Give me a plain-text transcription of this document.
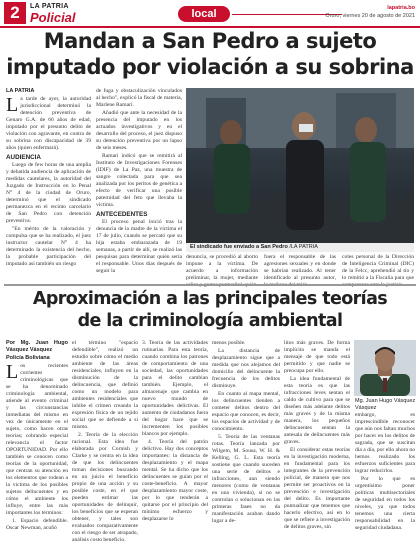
2	LA PATRIA
Policial	local	lapatria.bo
Oruro, viernes 20 de agosto de 2021
Mandan a San Pedro a sujeto
imputado por violación a su sobrina

LA PATRIA

La tarde de ayer, la autoridad jurisdiccional determinó la detención preventiva de Genaro G.A. de 66 años de edad, imputado por el presunto delito de violación con agravante, en contra de su sobrina con discapacidad de 39 años (quien enfermará).

AUDIENCIA

Luego de few horas de una amplia y debatida audiencia de aplicación de medidas cautelares, la autoridad del Juzgado de Instrucción en lo Penal N° 4 de la ciudad de Oruro, determinó que el sindicado permanezca en el recinto carcelario de San Pedro con detención preventiva.

"En mérito de la valoración y compulsa que se ha realizado, el juez instructor cautelar N° 4 ha determinado la existencia del hecho, la probable participación del imputado así también un riesgo

de fuga y obstaculización vinculados al hecho", explicó la fiscal de materia, Marlene Ramari.

Añadió que ante la necesidad de la presencia del imputado en los actuados investigativos y en el desarrollo del proceso, el juez dispuso su detención preventiva por un lapso de seis meses.

Ramari indicó que se remitirá al Instituto de Investigaciones Forenses (IDIF) de La Paz, una muestra de sangre colectada para que sea analizada por los peritos de genética a efecto de verificar una posible paternidad del feto que llevaba la víctima.

ANTECEDENTES

El proceso penal inició tras la denuncia de la madre de la víctima el 17 de julio, cuando se percató que su hija estaba embarazada de 19 semanas, a partir de allí, se realizó las pesquisas para determinar quién sería el responsable. Unos días después de seguir la

El sindicado fue enviado a San Pedro /LA PATRIA

denuncia, se procedió al aborto impune a la víctima. De acuerdo a información preliminar, la mujer, mediante

fuera el responsable de las agresiones sexuales y en donde se habrían realizado. Al tener identificado al presunto autor,

coles personal de la Dirección de Inteligencia Criminal (DIC) de la Felcc, aprehendió al tío y lo remitió a la Fiscalía para que

Aproximación a las principales teorías
de la criminología ambiental

Por Mg. Juan Hugo Vásquez Vásquez

Policía Boliviana

Los recientes corrientes criminológicas que se ha denominado criminología ambiental, atiende al evento criminal y las circunstancias inmediatas del mismo en vez de únicamente en el sujeto, como hacen otras teorías; cobrando especial relevancia el factor OPORTUNIDAD. Por ello también se conocen como teorías de la oportunidad, que centran su atención en los elementos que rodean a la víctima de los posibles sujetos delincuentes y en cómo el ambiente los influye, entre las más importantes los términos:

1. Espacio defendible. Oscar Newman, acuñó

el término "espacio defendible", realizó un estudio sobre cómo el medio ambiente de las áreas residenciales, influyen en la disminución de la delincuencia, que definió como un modelo para ambientes residenciales que inhibe el crimen creando la expresión física de un tejido social que se defiende a sí mismo.

2. Teoría de la elección racional. Esta idea fue elaborada por Cornish y Clarke y se centra en la idea de que los delincuentes toman decisiones buscando en un juicio el beneficio propio de una acción y su posible coste, en el que pueden estimar las oportunidades de delinquir, los beneficios que se esperan obtener, y tales son evaluados comparativamente con el riesgo de ser atrapado, análisis costo beneficio.

3. Teoría de las actividades rutinarias. Para esta teoría, cuando combina los patrones de comportamiento de una sociedad, las oportunidades para el delito cambian también. Ejemplo, el almacenaje que cambia en nuevo mundo de oportunidades delictivas. El aumento de ciudadanos fuera del hogar hace que se incrementen los posibles blancos por ejemplo.

4. Teoría del patrón delictivo. Hay dos conceptos importantes: la distancia de desplazamiento y el mapa mental. Se ha dicho que los delincuentes se guían por el coste-beneficio. A mayor desplazamiento mayor coste, por lo que tenderán a quitarse por el principio del mínimo esfuerzo y desplazarse lo

menos posible.

La distancia de desplazamiento sigue que a medida que nos alejamos del domicilio del delincuente la frecuencia de los delitos disminuye.

En cuanto al mapa mental, los delincuentes tienden a cometer delitos dentro del espacio que conocen, es decir, los espacios de actividad y de conocimiento.

5. Teoría de las ventanas rotas. Teoría lanzada por Wilgem, M. Sousa, W. H. & Kelling, G. L. Esta teoría sostiene que cuando suceden una serie de delitos e infracciones, aun siendo menores (como de ventanas en una vivienda), si no se controlan o solucionan en las primeras fases no da manifestación acaban dando lugar a de-

litos más graves. De forma implícita se manda el mensaje de que todo está permitido y que nadie se preocupa por ello.

La idea fundamental de esta teoría es que las infracciones leves sentan el caldo de cultivo para que se diseñen más adelante delitos más graves y de la misma manera, los pequeños delincuentes sentan la antesala de delincuentes más graves.

El considerar estas teorías en la investigación moderna, en fundamental para los integrantes de la prevención policial, de manera que nos permite ser proactivos en la prevención e investigación del delito. Es importante puntualizar que tenemos que hacerlo efectivo, así en lo que se refiere a investigación de delitos graves, sin

Mg. Juan Hugo Vásquez Vásquez

embargo, es imprescindible reconocer que aún nos faltan muchos por hacer en los delitos de sagrada, que se suscitan día a día, por ello ahora no hemos realizado los esfuerzos suficientes para lograr reducirlos.

Por lo que es urgentísimo poner políticas multisectoriales de seguridad en todos los niveles, ya que todos tenemos una cierta responsabilidad en la seguridad ciudadana.
